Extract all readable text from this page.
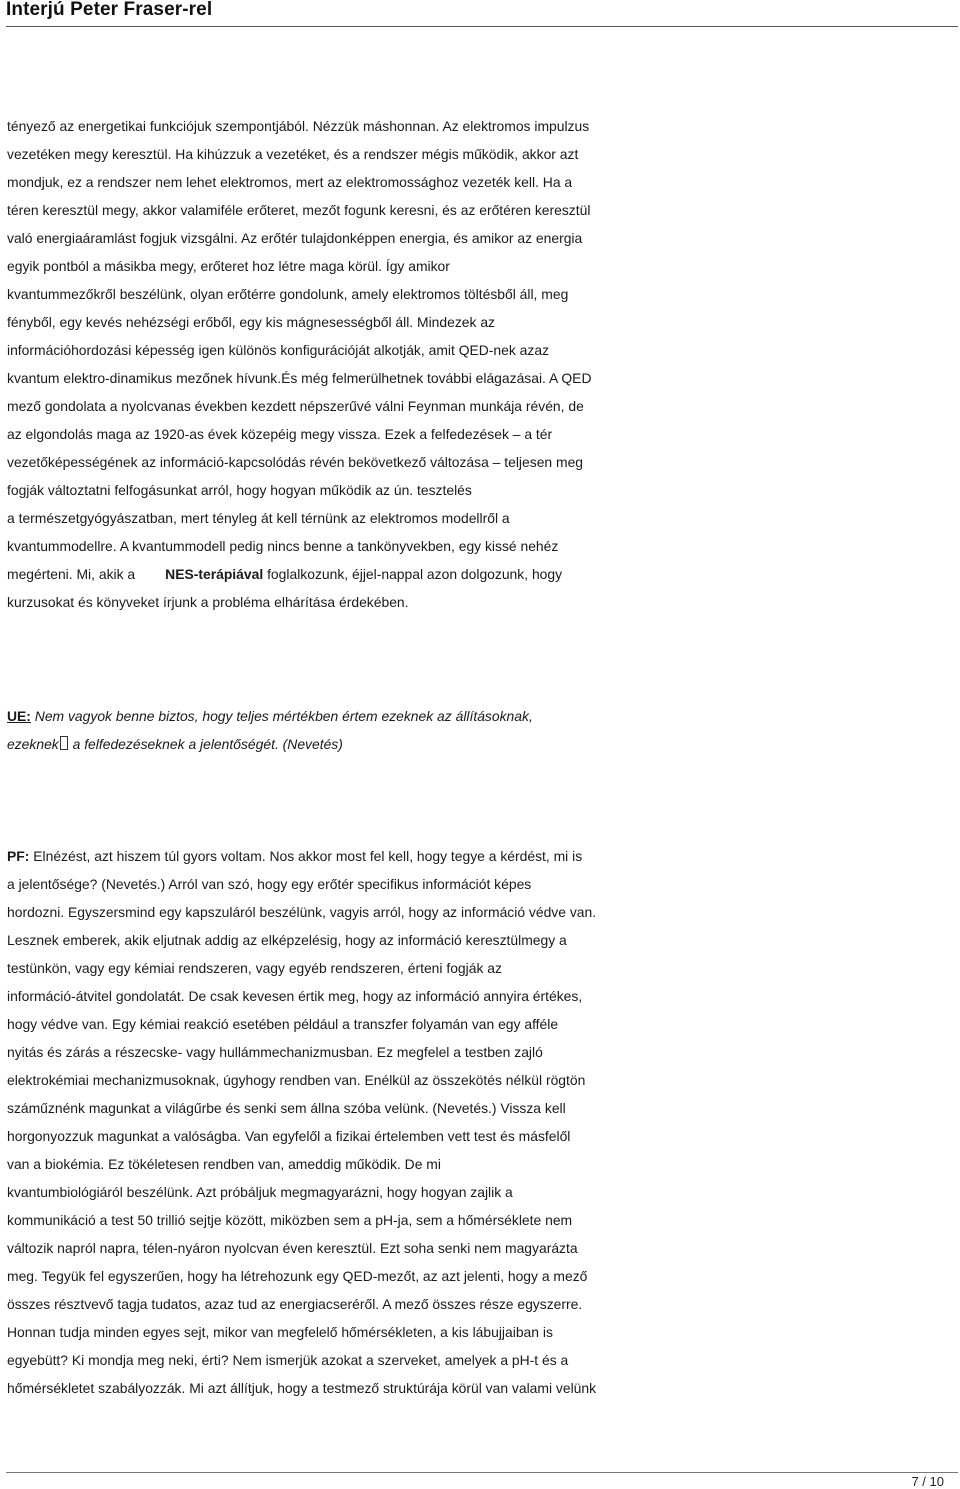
Interjú Peter Fraser-rel
tényező az energetikai funkciójuk szempontjából. Nézzük máshonnan. Az elektromos impulzus
vezetéken megy keresztül. Ha kihúzzuk a vezetéket, és a rendszer mégis működik, akkor azt
mondjuk, ez a rendszer nem lehet elektromos, mert az elektromossághoz vezeték kell. Ha a
téren keresztül megy, akkor valamiféle erőteret, mezőt fogunk keresni, és az erőtéren keresztül
való energiaáramlást fogjuk vizsgálni. Az erőtér tulajdonképpen energia, és amikor az energia
egyik pontból a másikba megy, erőteret hoz létre maga körül. Így amikor
kvantummezőkről beszélünk, olyan erőtérre gondolunk, amely elektromos töltésből áll, meg
fényből, egy kevés nehézségi erőből, egy kis mágnesességből áll. Mindezek az
információhordozási képesség igen különös konfigurációját alkotják, amit QED-nek azaz
kvantum elektro-dinamikus mezőnek hívunk.És még felmerülhetnek további elágazásai. A QED
mező gondolata a nyolcvanas években kezdett népszerűvé válni Feynman munkája révén, de
az elgondolás maga az 1920-as évek közepéig megy vissza. Ezek a felfedezések – a tér
vezetőképességének az információ-kapcsolódás révén bekövetkező változása – teljesen meg
fogják változtatni felfogásunkat arról, hogy hogyan működik az ún. tesztelés
a természetgyógyászatban, mert tényleg át kell térnünk az elektromos modellről a
kvantummodellre. A kvantummodell pedig nincs benne a tankönyvekben, egy kissé nehéz
megérteni. Mi, akik a NES-terápiával foglalkozunk, éjjel-nappal azon dolgozunk, hogy
kurzusokat és könyveket írjunk a probléma elhárítása érdekében.
UE: Nem vagyok benne biztos, hogy teljes mértékben értem ezeknek az állításoknak,
ezeknek a felfedezéseknek a jelentőségét. (Nevetés)
PF: Elnézést, azt hiszem túl gyors voltam. Nos akkor most fel kell, hogy tegye a kérdést, mi is
a jelentősége? (Nevetés.) Arról van szó, hogy egy erőtér specifikus információt képes
hordozni. Egyszersmind egy kapszuláról beszélünk, vagyis arról, hogy az információ védve van.
Lesznek emberek, akik eljutnak addig az elképzelésig, hogy az információ keresztülmegy a
testünkön, vagy egy kémiai rendszeren, vagy egyéb rendszeren, érteni fogják az
információ-átvitel gondolatát. De csak kevesen értik meg, hogy az információ annyira értékes,
hogy védve van. Egy kémiai reakció esetében például a transzfer folyamán van egy afféle
nyitás és zárás a részecske- vagy hullámmechanizmusban. Ez megfelel a testben zajló
elektrokémiai mechanizmusoknak, úgyhogy rendben van. Enélkül az összekötés nélkül rögtön
száműznénk magunkat a világűrbe és senki sem állna szóba velünk. (Nevetés.) Vissza kell
horgonyozzuk magunkat a valóságba. Van egyfelől a fizikai értelemben vett test és másfelől
van a biokémia. Ez tökéletesen rendben van, ameddig működik. De mi
kvantumbiológiáról beszélünk. Azt próbáljuk megmagyarázni, hogy hogyan zajlik a
kommunikáció a test 50 trillió sejtje között, miközben sem a pH-ja, sem a hőmérséklete nem
változik napról napra, télen-nyáron nyolcvan éven keresztül. Ezt soha senki nem magyarázta
meg. Tegyük fel egyszerűen, hogy ha létrehozunk egy QED-mezőt, az azt jelenti, hogy a mező
összes résztvevő tagja tudatos, azaz tud az energiacseréről. A mező összes része egyszerre.
Honnan tudja minden egyes sejt, mikor van megfelelő hőmérsékleten, a kis lábujjaiban is
egyebütt? Ki mondja meg neki, érti? Nem ismerjük azokat a szerveket, amelyek a pH-t és a
hőmérsékletet szabályozzák. Mi azt állítjuk, hogy a testmező struktúrája körül van valami velünk
7 / 10
